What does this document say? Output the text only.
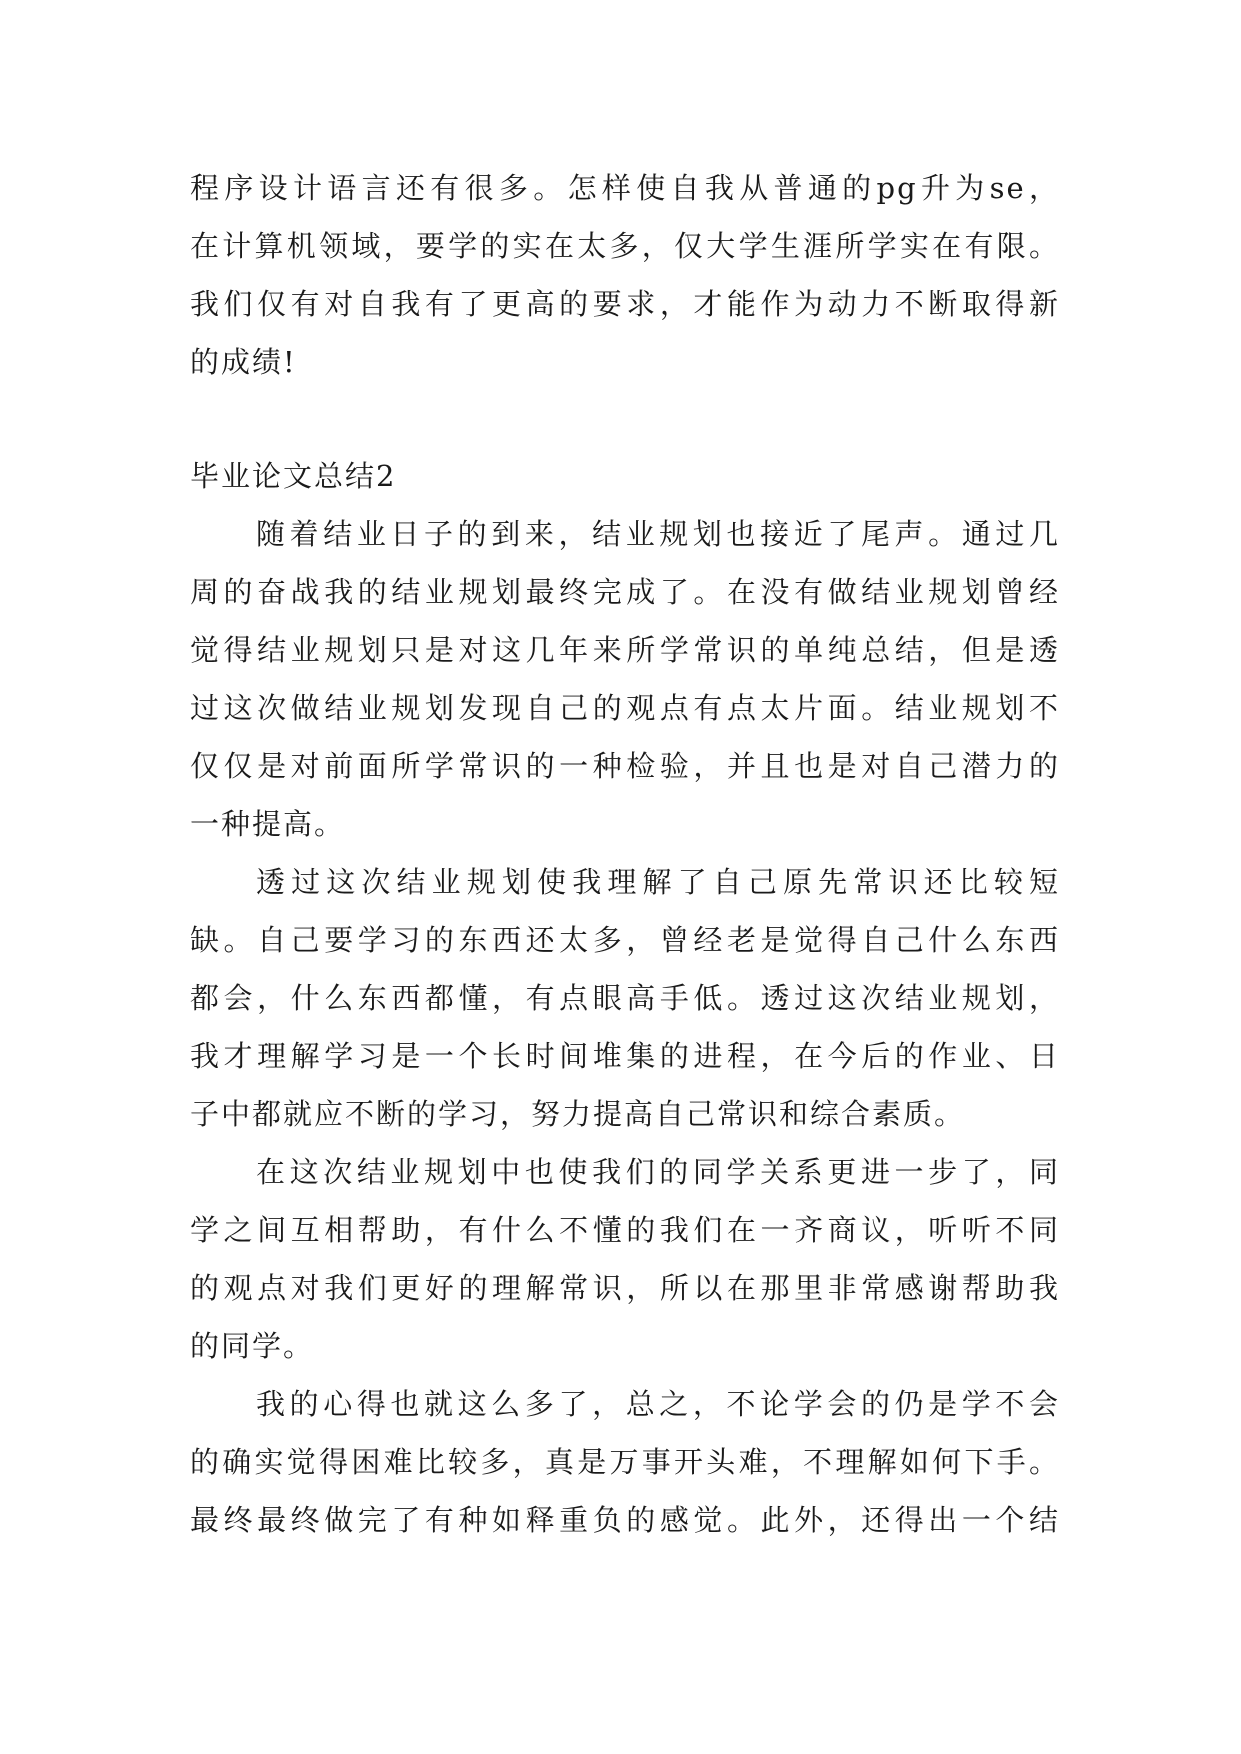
程序设计语言还有很多。怎样使自我从普通的pg升为se，
在计算机领域，要学的实在太多，仅大学生涯所学实在有限。
我们仅有对自我有了更高的要求，才能作为动力不断取得新
的成绩!
毕业论文总结2
随着结业日子的到来，结业规划也接近了尾声。通过几
周的奋战我的结业规划最终完成了。在没有做结业规划曾经
觉得结业规划只是对这几年来所学常识的单纯总结，但是透
过这次做结业规划发现自己的观点有点太片面。结业规划不
仅仅是对前面所学常识的一种检验，并且也是对自己潜力的
一种提高。
透过这次结业规划使我理解了自己原先常识还比较短
缺。自己要学习的东西还太多，曾经老是觉得自己什么东西
都会，什么东西都懂，有点眼高手低。透过这次结业规划，
我才理解学习是一个长时间堆集的进程，在今后的作业、日
子中都就应不断的学习，努力提高自己常识和综合素质。
在这次结业规划中也使我们的同学关系更进一步了，同
学之间互相帮助，有什么不懂的我们在一齐商议，听听不同
的观点对我们更好的理解常识，所以在那里非常感谢帮助我
的同学。
我的心得也就这么多了，总之，不论学会的仍是学不会
的确实觉得困难比较多，真是万事开头难，不理解如何下手。
最终最终做完了有种如释重负的感觉。此外，还得出一个结
